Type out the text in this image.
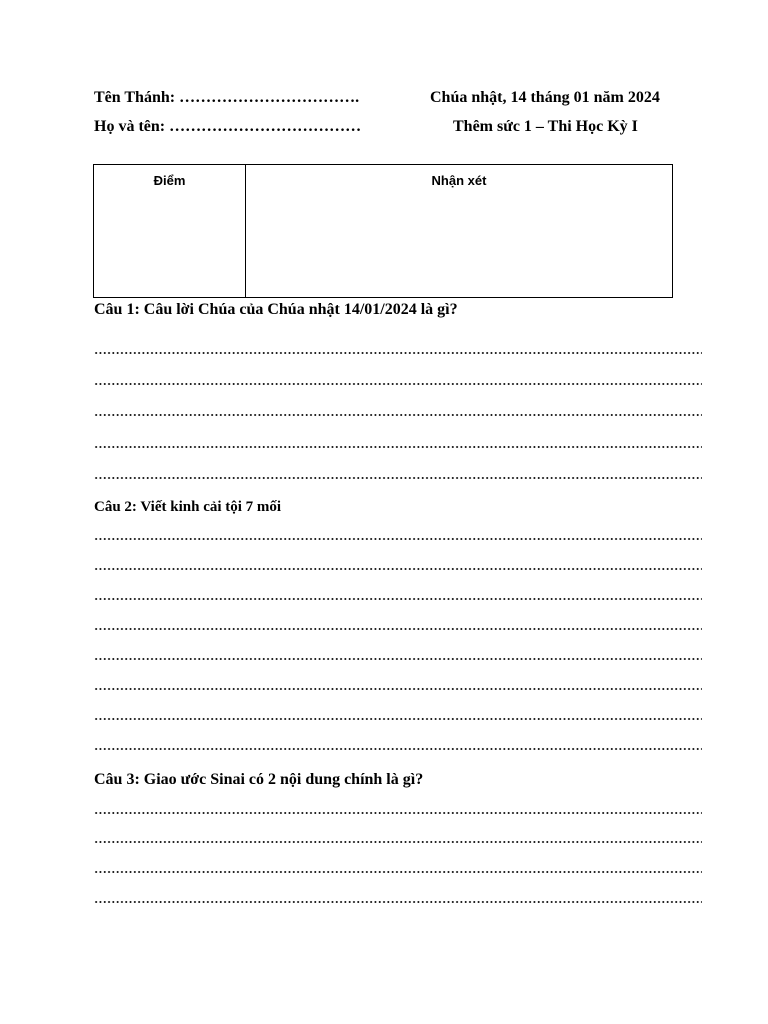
Tên Thánh: …………………………….	Chúa nhật, 14 tháng 01 năm 2024
Họ và tên: ………………………………	Thêm sức 1 – Thi Học Kỳ I
Điểm	Nhận xét
Câu 1: Câu lời Chúa của Chúa nhật 14/01/2024 là gì?
Câu 2: Viết kinh cải tội 7 mối
Câu 3: Giao ước Sinai có 2 nội dung chính là gì?
